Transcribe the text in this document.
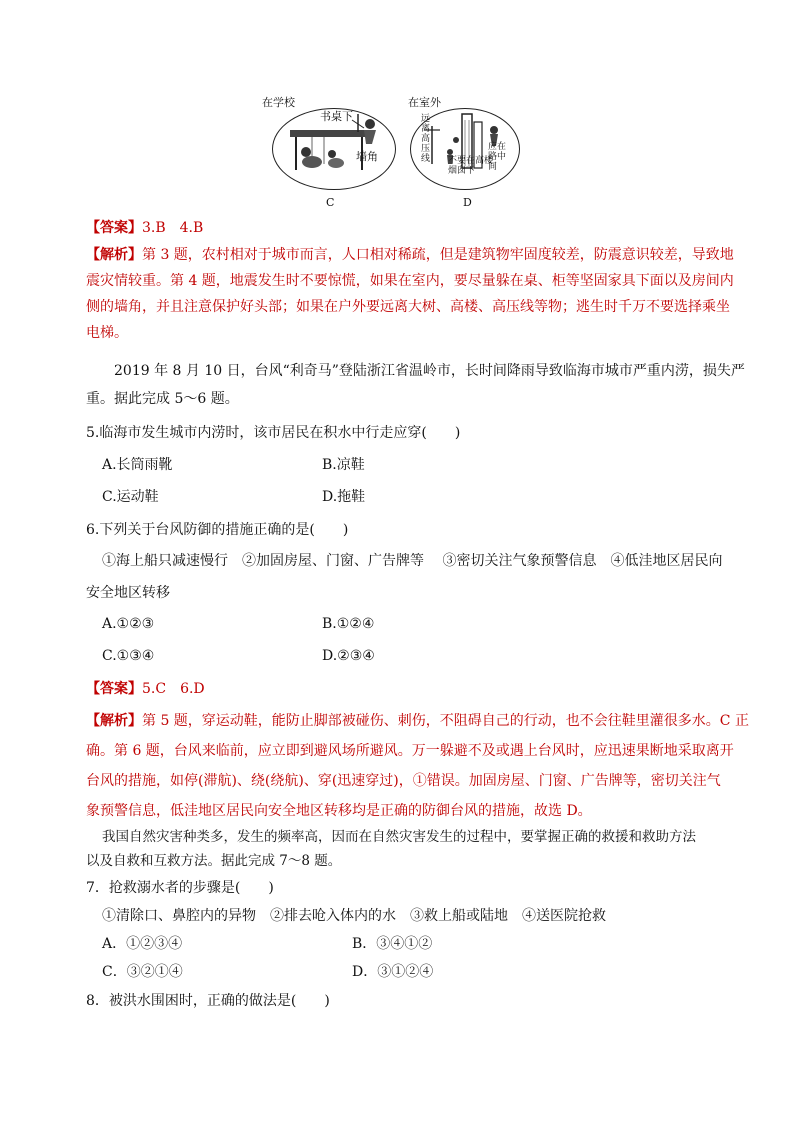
在学校
书桌下
墙角
C
在室外
远离高压线	不要在高楼烟囱下
应在路中间
D
【答案】3.B　4.B
【解析】第 3 题，农村相对于城市而言，人口相对稀疏，但是建筑物牢固度较差，防震意识较差，导致地
震灾情较重。第 4 题，地震发生时不要惊慌，如果在室内，要尽量躲在桌、柜等坚固家具下面以及房间内
侧的墙角，并且注意保护好头部；如果在户外要远离大树、高楼、高压线等物；逃生时千万不要选择乘坐
电梯。
2019 年 8 月 10 日，台风“利奇马”登陆浙江省温岭市，长时间降雨导致临海市城市严重内涝，损失严
重。据此完成 5～6 题。
5.临海市发生城市内涝时，该市居民在积水中行走应穿(　　)
A.长筒雨靴	B.凉鞋
C.运动鞋	D.拖鞋
6.下列关于台风防御的措施正确的是(　　)
①海上船只减速慢行　②加固房屋、门窗、广告牌等　 ③密切关注气象预警信息　④低洼地区居民向
安全地区转移
A.①②③	B.①②④
C.①③④	D.②③④
【答案】5.C　6.D
【解析】第 5 题，穿运动鞋，能防止脚部被碰伤、刺伤，不阻碍自己的行动，也不会往鞋里灌很多水。C 正
确。第 6 题，台风来临前，应立即到避风场所避风。万一躲避不及或遇上台风时，应迅速果断地采取离开
台风的措施，如停(滞航)、绕(绕航)、穿(迅速穿过)，①错误。加固房屋、门窗、广告牌等，密切关注气
象预警信息，低洼地区居民向安全地区转移均是正确的防御台风的措施，故选 D。
我国自然灾害种类多，发生的频率高，因而在自然灾害发生的过程中，要掌握正确的救援和救助方法
以及自救和互救方法。据此完成 7～8 题。
7．抢救溺水者的步骤是(　　)
①清除口、鼻腔内的异物　②排去呛入体内的水　③救上船或陆地　④送医院抢救
A．①②③④	B．③④①②
C．③②①④	D．③①②④
8．被洪水围困时，正确的做法是(　　)
